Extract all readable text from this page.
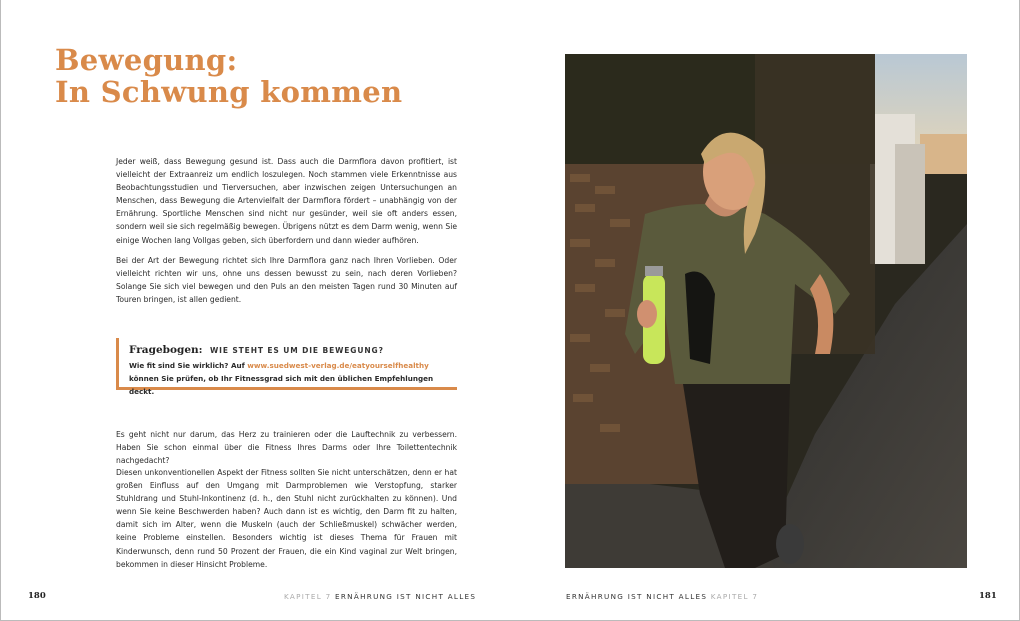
Bewegung:
In Schwung kommen

Jeder weiß, dass Bewegung gesund ist. Dass auch die Darmflora davon profitiert, ist vielleicht der Extraanreiz um endlich loszulegen. Noch stammen viele Erkenntnisse aus Beobachtungsstudien und Tierversuchen, aber inzwischen zeigen Untersuchungen an Menschen, dass Bewegung die Artenvielfalt der Darmflora fördert – unabhängig von der Ernährung. Sportliche Menschen sind nicht nur gesünder, weil sie oft anders essen, sondern weil sie sich regelmäßig bewegen. Übrigens nützt es dem Darm wenig, wenn Sie einige Wochen lang Vollgas geben, sich überfordern und dann wieder aufhören.

Bei der Art der Bewegung richtet sich Ihre Darmflora ganz nach Ihren Vorlieben. Oder vielleicht richten wir uns, ohne uns dessen bewusst zu sein, nach deren Vorlieben? Solange Sie sich viel bewegen und den Puls an den meisten Tagen rund 30 Minuten auf Touren bringen, ist allen gedient.

Fragebogen: WIE STEHT ES UM DIE BEWEGUNG?

Wie fit sind Sie wirklich? Auf www.suedwest-verlag.de/eatyourselfhealthy können Sie prüfen, ob Ihr Fitnessgrad sich mit den üblichen Empfehlungen deckt.

Es geht nicht nur darum, das Herz zu trainieren oder die Lauftechnik zu verbessern. Haben Sie schon einmal über die Fitness Ihres Darms oder Ihre Toilettentechnik nachgedacht?

Diesen unkonventionellen Aspekt der Fitness sollten Sie nicht unterschätzen, denn er hat großen Einfluss auf den Umgang mit Darmproblemen wie Verstopfung, starker Stuhldrang und Stuhl-Inkontinenz (d. h., den Stuhl nicht zurückhalten zu können). Und wenn Sie keine Beschwerden haben? Auch dann ist es wichtig, den Darm fit zu halten, damit sich im Alter, wenn die Muskeln (auch der Schließmuskel) schwächer werden, keine Probleme einstellen. Besonders wichtig ist dieses Thema für Frauen mit Kinderwunsch, denn rund 50 Prozent der Frauen, die ein Kind vaginal zur Welt bringen, bekommen in dieser Hinsicht Probleme.

180	KAPITEL 7 ERNÄHRUNG IST NICHT ALLES	ERNÄHRUNG IST NICHT ALLES KAPITEL 7	181
